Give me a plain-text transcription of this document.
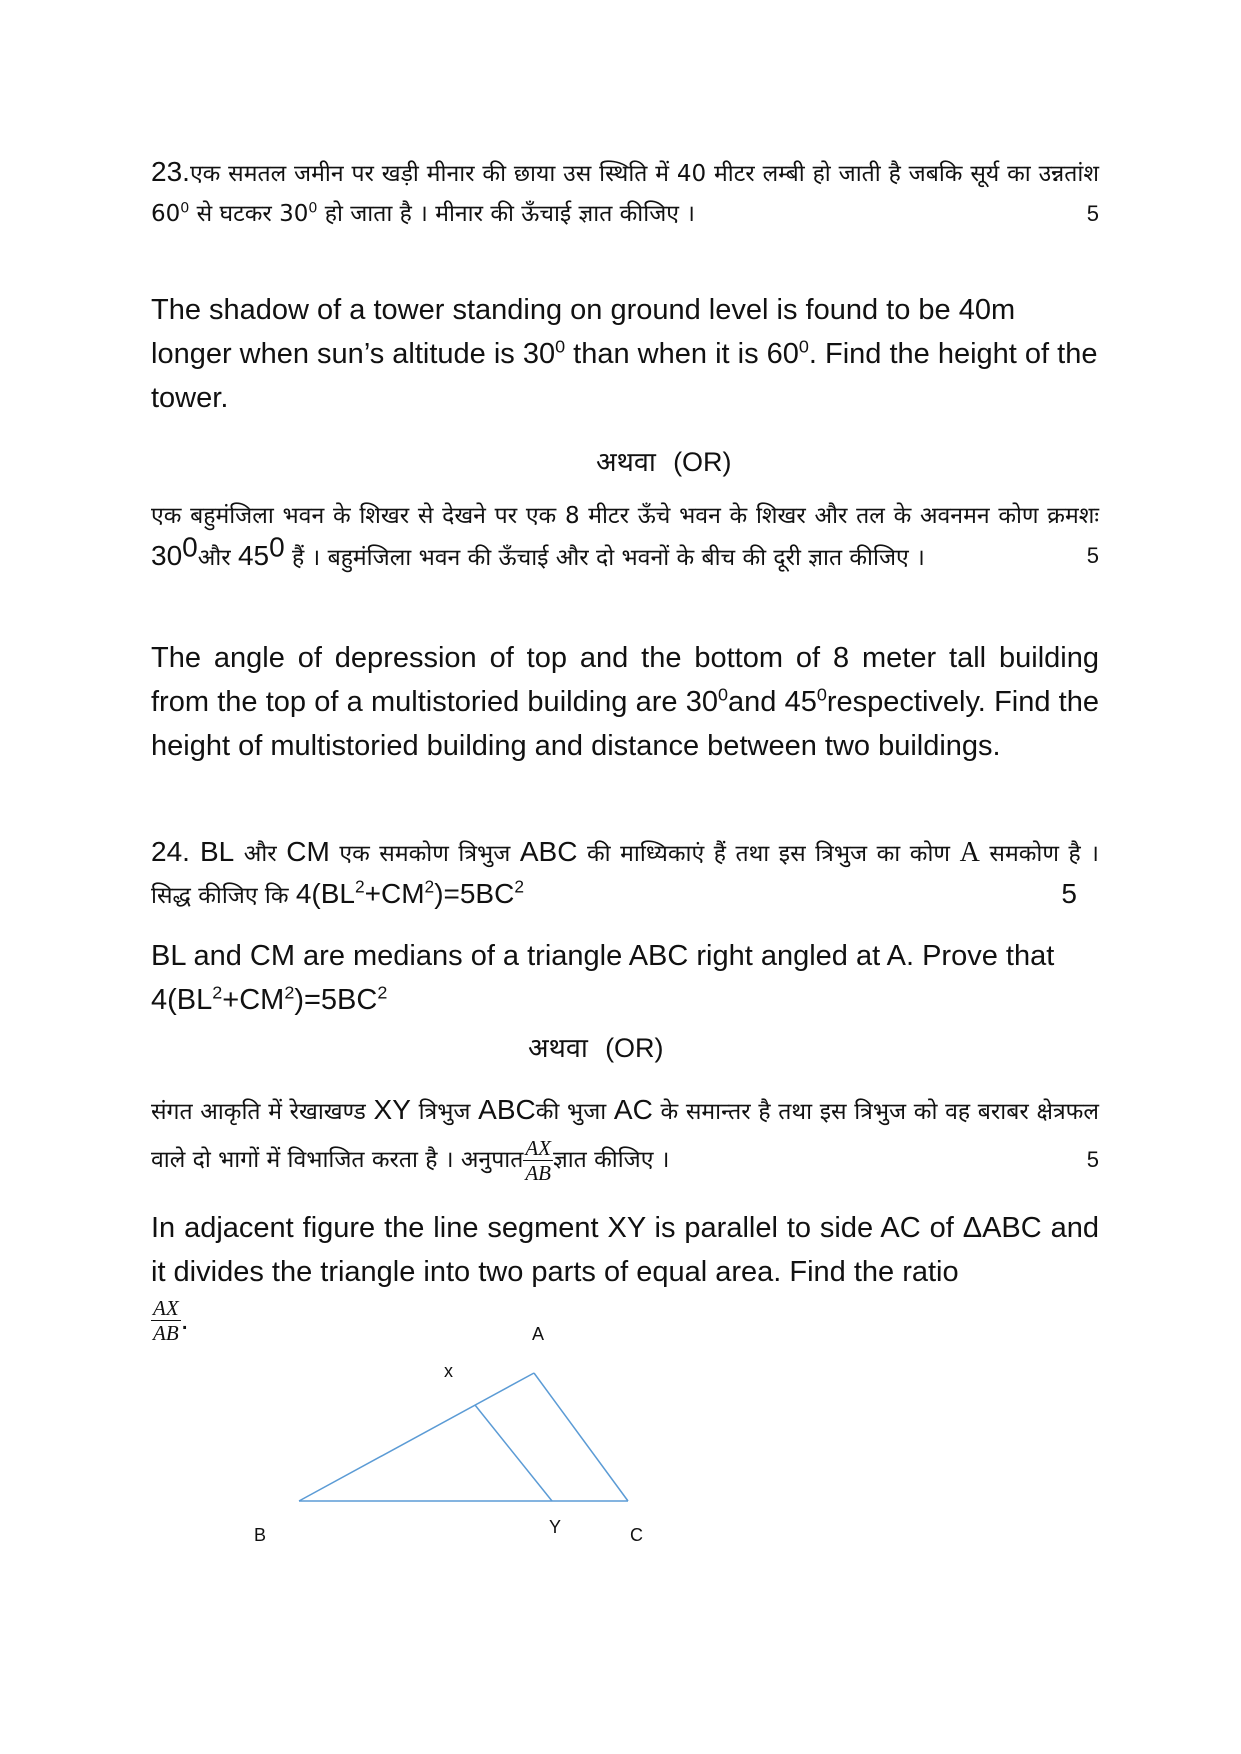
23.एक समतल जमीन पर खड़ी मीनार की छाया उस स्थिति में 40 मीटर लम्बी हो जाती है जबकि सूर्य का उन्नतांश $60^0$ से घटकर $30^0$ हो जाता है । मीनार की ऊँचाई ज्ञात कीजिए ।	5
The shadow of a tower standing on ground level is found to be 40m longer when sun’s altitude is $30^0$ than when it is $60^0$. Find the height of the tower.
अथवा (OR)
एक बहुमंजिला भवन के शिखर से देखने पर एक 8 मीटर ऊँचे भवन के शिखर और तल के अवनमन कोण क्रमशः $30^0और$ $45^0$ हैं । बहुमंजिला भवन की ऊँचाई और दो भवनों के बीच की दूरी ज्ञात कीजिए ।	5
The angle of depression of top and the bottom of 8 meter tall building from the top of a multistoried building are $30^0and$ $45^0respectively$. Find the height of multistoried building and distance between two buildings.
24. BL और CM एक समकोण त्रिभुज ABC की माध्यिकाएं हैं तथा इस त्रिभुज का कोण A समकोण है । सिद्ध कीजिए कि $4(BL^2+CM^2)=5BC^2$	5
BL and CM are medians of a triangle ABC right angled at A. Prove that
$4(BL^2+CM^2)=5BC^2$
अथवा (OR)
संगत आकृति में रेखाखण्ड XY त्रिभुज ABCकी भुजा AC के समान्तर है तथा इस त्रिभुज को वह बराबर क्षेत्रफल वाले दो भागों में विभाजित करता है । अनुपात $\frac{AX}{AB}$ ज्ञात कीजिए ।	5
In adjacent figure the line segment XY is parallel to side AC of ΔABC and it divides the triangle into two parts of equal area. Find the ratio
$\frac{AX}{AB}$ .	A
x
B	Y	C
